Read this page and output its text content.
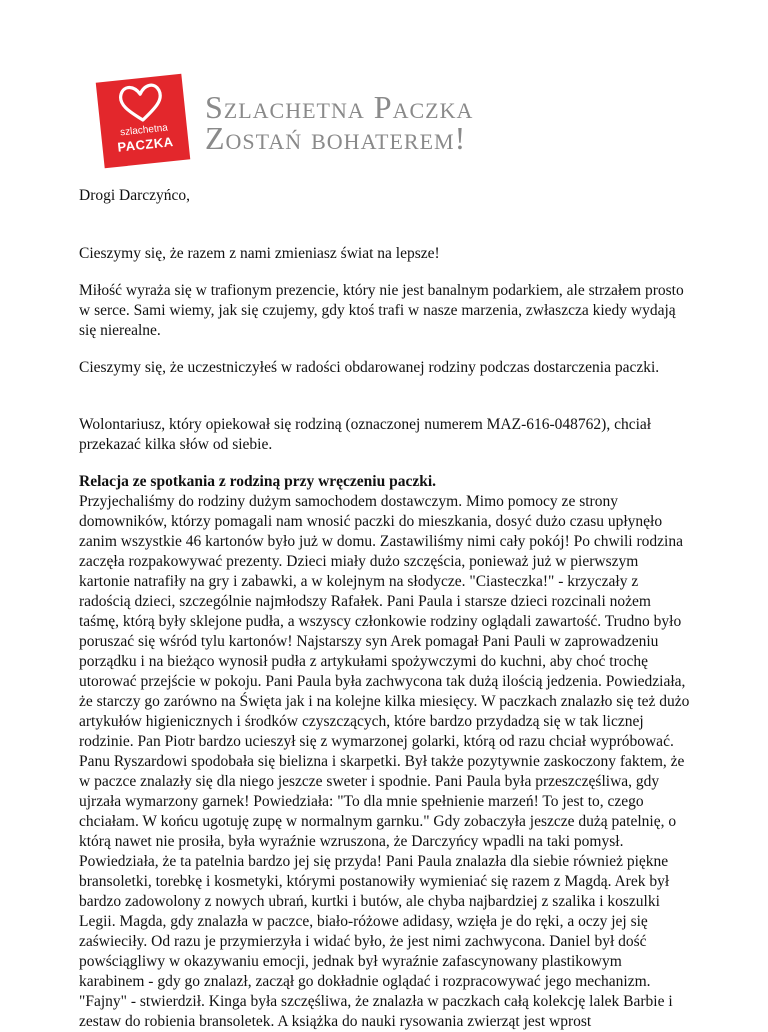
szlachetna
PACZKA
Szlachetna Paczka
Zostań bohaterem!

Drogi Darczyńco,

Cieszymy się, że razem z nami zmieniasz świat na lepsze!

Miłość wyraża się w trafionym prezencie, który nie jest banalnym podarkiem, ale strzałem prosto w serce. Sami wiemy, jak się czujemy, gdy ktoś trafi w nasze marzenia, zwłaszcza kiedy wydają się nierealne.

Cieszymy się, że uczestniczyłeś w radości obdarowanej rodziny podczas dostarczenia paczki.

Wolontariusz, który opiekował się rodziną (oznaczonej numerem MAZ-616-048762), chciał przekazać kilka słów od siebie.

Relacja ze spotkania z rodziną przy wręczeniu paczki.

Przyjechaliśmy do rodziny dużym samochodem dostawczym. Mimo pomocy ze strony domowników, którzy pomagali nam wnosić paczki do mieszkania, dosyć dużo czasu upłynęło zanim wszystkie 46 kartonów było już w domu. Zastawiliśmy nimi cały pokój! Po chwili rodzina zaczęła rozpakowywać prezenty. Dzieci miały dużo szczęścia, ponieważ już w pierwszym kartonie natrafiły na gry i zabawki, a w kolejnym na słodycze. "Ciasteczka!" - krzyczały z radością dzieci, szczególnie najmłodszy Rafałek. Pani Paula i starsze dzieci rozcinali nożem taśmę, którą były sklejone pudła, a wszyscy członkowie rodziny oglądali zawartość. Trudno było poruszać się wśród tylu kartonów! Najstarszy syn Arek pomagał Pani Pauli w zaprowadzeniu porządku i na bieżąco wynosił pudła z artykułami spożywczymi do kuchni, aby choć trochę utorować przejście w pokoju. Pani Paula była zachwycona tak dużą ilością jedzenia. Powiedziała, że starczy go zarówno na Święta jak i na kolejne kilka miesięcy. W paczkach znalazło się też dużo artykułów higienicznych i środków czyszczących, które bardzo przydadzą się w tak licznej rodzinie. Pan Piotr bardzo ucieszył się z wymarzonej golarki, którą od razu chciał wypróbować. Panu Ryszardowi spodobała się bielizna i skarpetki. Był także pozytywnie zaskoczony faktem, że w paczce znalazły się dla niego jeszcze sweter i spodnie. Pani Paula była przeszczęśliwa, gdy ujrzała wymarzony garnek! Powiedziała: "To dla mnie spełnienie marzeń! To jest to, czego chciałam. W końcu ugotuję zupę w normalnym garnku." Gdy zobaczyła jeszcze dużą patelnię, o którą nawet nie prosiła, była wyraźnie wzruszona, że Darczyńcy wpadli na taki pomysł. Powiedziała, że ta patelnia bardzo jej się przyda! Pani Paula znalazła dla siebie również piękne bransoletki, torebkę i kosmetyki, którymi postanowiły wymieniać się razem z Magdą. Arek był bardzo zadowolony z nowych ubrań, kurtki i butów, ale chyba najbardziej z szalika i koszulki Legii. Magda, gdy znalazła w paczce, biało-różowe adidasy, wzięła je do ręki, a oczy jej się zaświeciły. Od razu je przymierzyła i widać było, że jest nimi zachwycona. Daniel był dość powściągliwy w okazywaniu emocji, jednak był wyraźnie zafascynowany plastikowym karabinem - gdy go znalazł, zaczął go dokładnie oglądać i rozpracowywać jego mechanizm. "Fajny" - stwierdził. Kinga była szczęśliwa, że znalazła w paczkach całą kolekcję lalek Barbie i zestaw do robienia bransoletek. A książka do nauki rysowania zwierząt jest wprost
